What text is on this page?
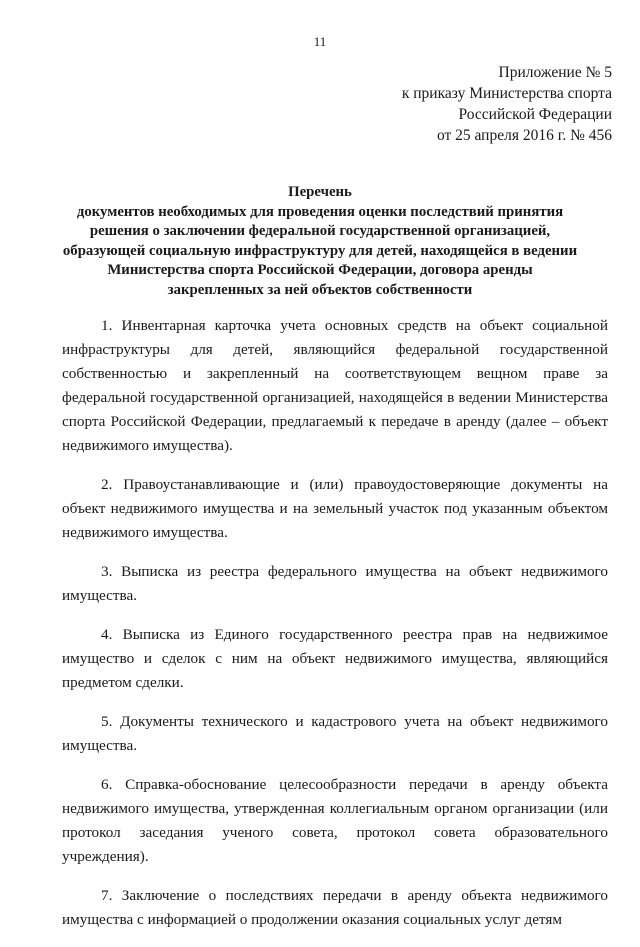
11
Приложение № 5
к приказу Министерства спорта
Российской Федерации
от 25 апреля 2016 г. № 456
Перечень
документов необходимых для проведения оценки последствий принятия
решения о заключении федеральной государственной организацией,
образующей социальную инфраструктуру для детей, находящейся в ведении
Министерства спорта Российской Федерации, договора аренды
закрепленных за ней объектов собственности

1. Инвентарная карточка учета основных средств на объект социальной инфраструктуры для детей, являющийся федеральной государственной собственностью и закрепленный на соответствующем вещном праве за федеральной государственной организацией, находящейся в ведении Министерства спорта Российской Федерации, предлагаемый к передаче в аренду (далее – объект недвижимого имущества).

2. Правоустанавливающие и (или) правоудостоверяющие документы на объект недвижимого имущества и на земельный участок под указанным объектом недвижимого имущества.

3. Выписка из реестра федерального имущества на объект недвижимого имущества.

4. Выписка из Единого государственного реестра прав на недвижимое имущество и сделок с ним на объект недвижимого имущества, являющийся предметом сделки.

5. Документы технического и кадастрового учета на объект недвижимого имущества.

6. Справка-обоснование целесообразности передачи в аренду объекта недвижимого имущества, утвержденная коллегиальным органом организации (или протокол заседания ученого совета, протокол совета образовательного учреждения).

7. Заключение о последствиях передачи в аренду объекта недвижимого имущества с информацией о продолжении оказания социальных услуг детям
